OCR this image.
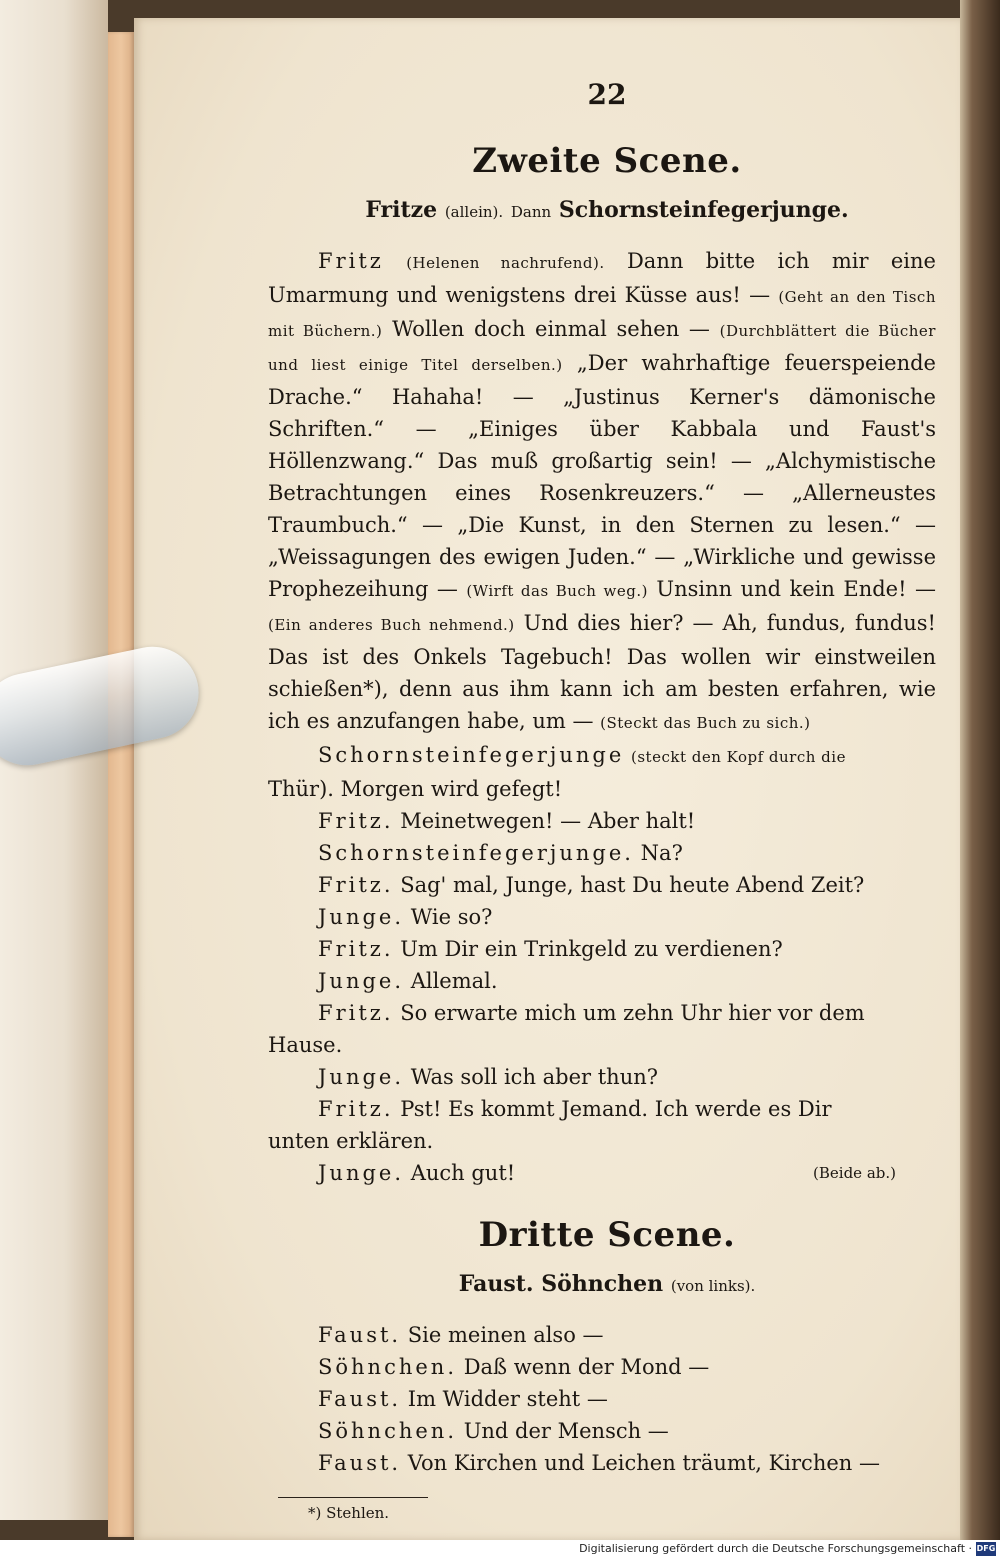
22
Zweite Scene.
Fritze (allein). Dann Schornsteinfegerjunge.

Fritz (Helenen nachrufend). Dann bitte ich mir eine Umarmung und wenigstens drei Küsse aus! — (Geht an den Tisch mit Büchern.) Wollen doch einmal sehen — (Durchblättert die Bücher und liest einige Titel derselben.) „Der wahrhaftige feuerspeiende Drache.“ Hahaha! — „Justinus Kerner's dämonische Schriften.“ — „Einiges über Kabbala und Faust's Höllenzwang.“ Das muß großartig sein! — „Alchymistische Betrachtungen eines Rosenkreuzers.“ — „Allerneustes Traumbuch.“ — „Die Kunst, in den Sternen zu lesen.“ — „Weissagungen des ewigen Juden.“ — „Wirkliche und gewisse Prophezeihung — (Wirft das Buch weg.) Unsinn und kein Ende! — (Ein anderes Buch nehmend.) Und dies hier? — Ah, fundus, fundus! Das ist des Onkels Tagebuch! Das wollen wir einstweilen schießen*), denn aus ihm kann ich am besten erfahren, wie ich es anzufangen habe, um — (Steckt das Buch zu sich.)

Schornsteinfegerjunge (steckt den Kopf durch die

Thür). Morgen wird gefegt!

Fritz. Meinetwegen! — Aber halt!

Schornsteinfegerjunge. Na?

Fritz. Sag' mal, Junge, hast Du heute Abend Zeit?

Junge. Wie so?

Fritz. Um Dir ein Trinkgeld zu verdienen?

Junge. Allemal.

Fritz. So erwarte mich um zehn Uhr hier vor dem

Hause.

Junge. Was soll ich aber thun?

Fritz. Pst! Es kommt Jemand. Ich werde es Dir

unten erklären.

Junge. Auch gut!	(Beide ab.)

Dritte Scene.
Faust. Söhnchen (von links).

Faust. Sie meinen also —

Söhnchen. Daß wenn der Mond —

Faust. Im Widder steht —

Söhnchen. Und der Mensch —

Faust. Von Kirchen und Leichen träumt, Kirchen —

*) Stehlen.
Digitalisierung gefördert durch die Deutsche Forschungsgemeinschaft · DFG
